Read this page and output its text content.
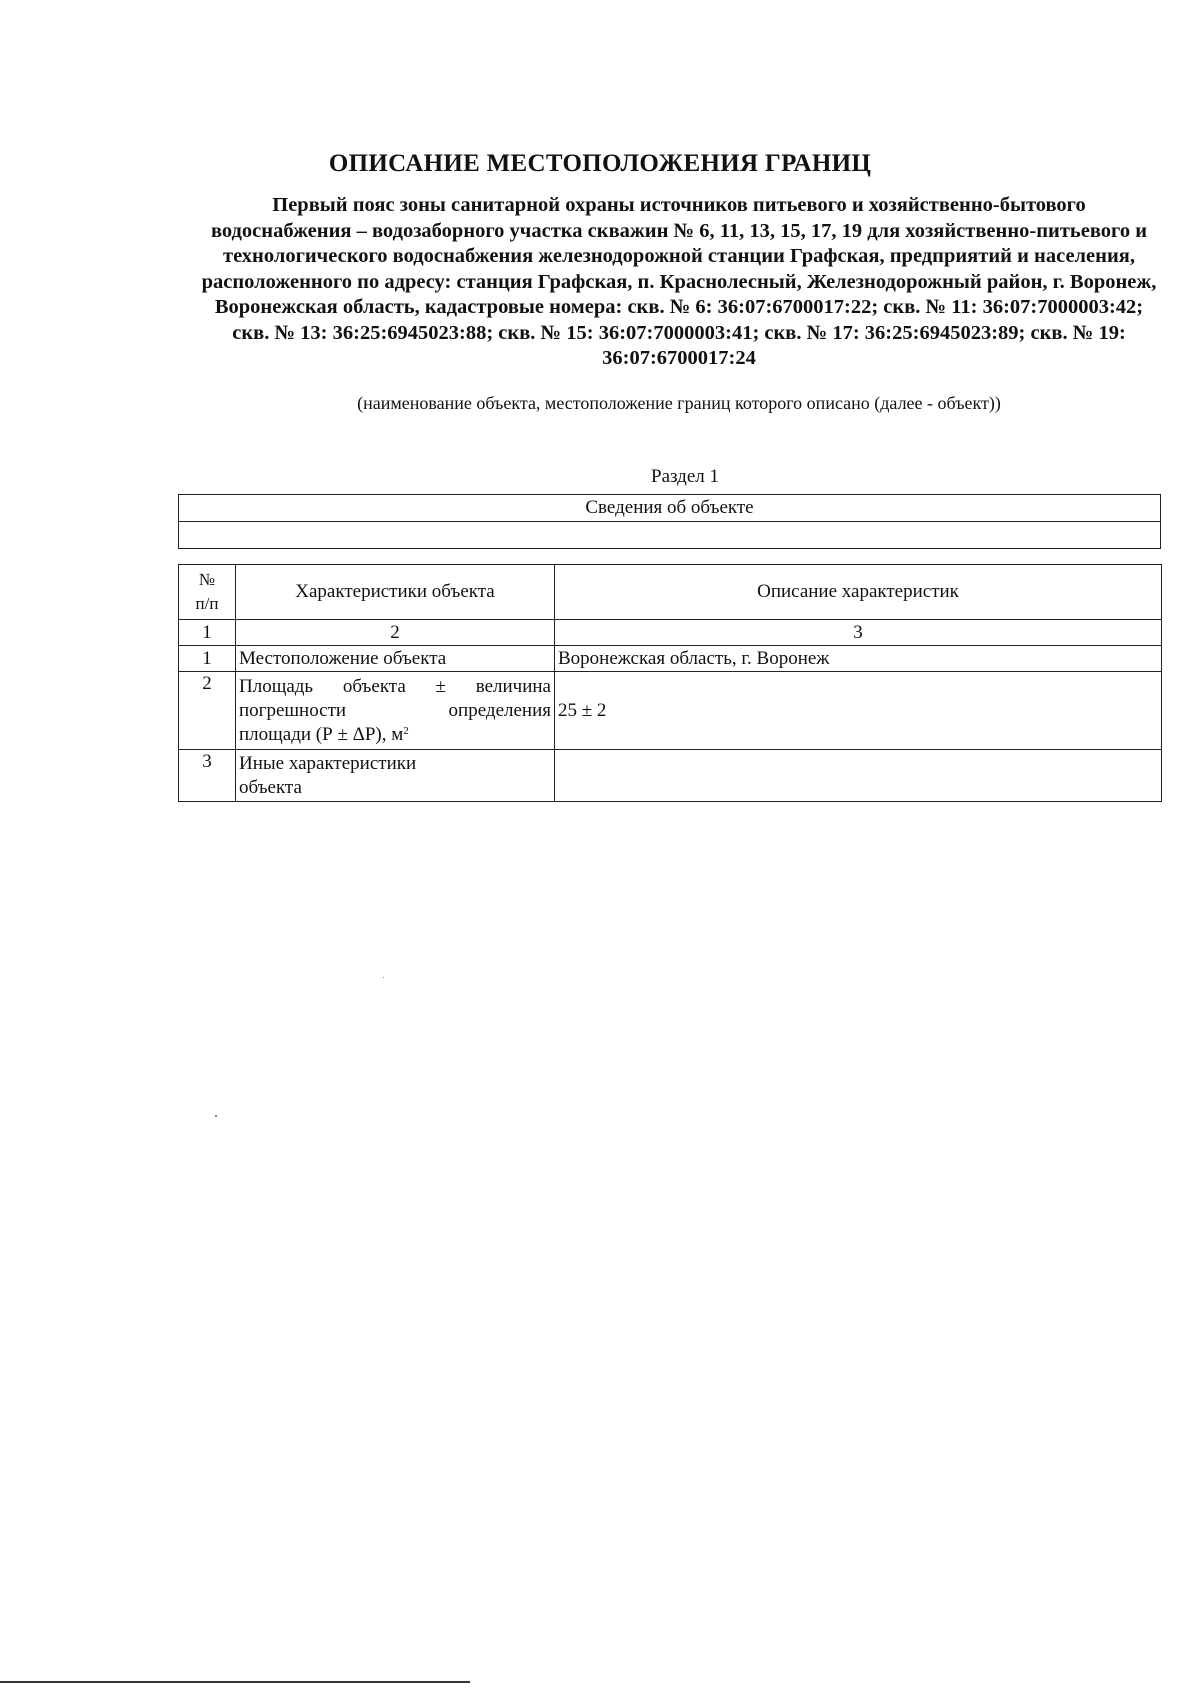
ОПИСАНИЕ МЕСТОПОЛОЖЕНИЯ ГРАНИЦ
Первый пояс зоны санитарной охраны источников питьевого и хозяйственно-бытового водоснабжения – водозаборного участка скважин № 6, 11, 13, 15, 17, 19 для хозяйственно-питьевого и технологического водоснабжения железнодорожной станции Графская, предприятий и населения, расположенного по адресу: станция Графская, п. Краснолесный, Железнодорожный район, г. Воронеж, Воронежская область, кадастровые номера: скв. № 6: 36:07:6700017:22; скв. № 11: 36:07:7000003:42; скв. № 13: 36:25:6945023:88; скв. № 15: 36:07:7000003:41; скв. № 17: 36:25:6945023:89; скв. № 19: 36:07:6700017:24
(наименование объекта, местоположение границ которого описано (далее - объект))
Раздел 1
Сведения об объекте

№
п/п	Характеристики объекта	Описание характеристик
1	2	3
1	Местоположение объекта	Воронежская область, г. Воронеж
2	Площадь объекта ± величина
погрешности определения
площади (Р ± ΔР), $м^2$	25 ± 2
3	Иные характеристики
объекта	
